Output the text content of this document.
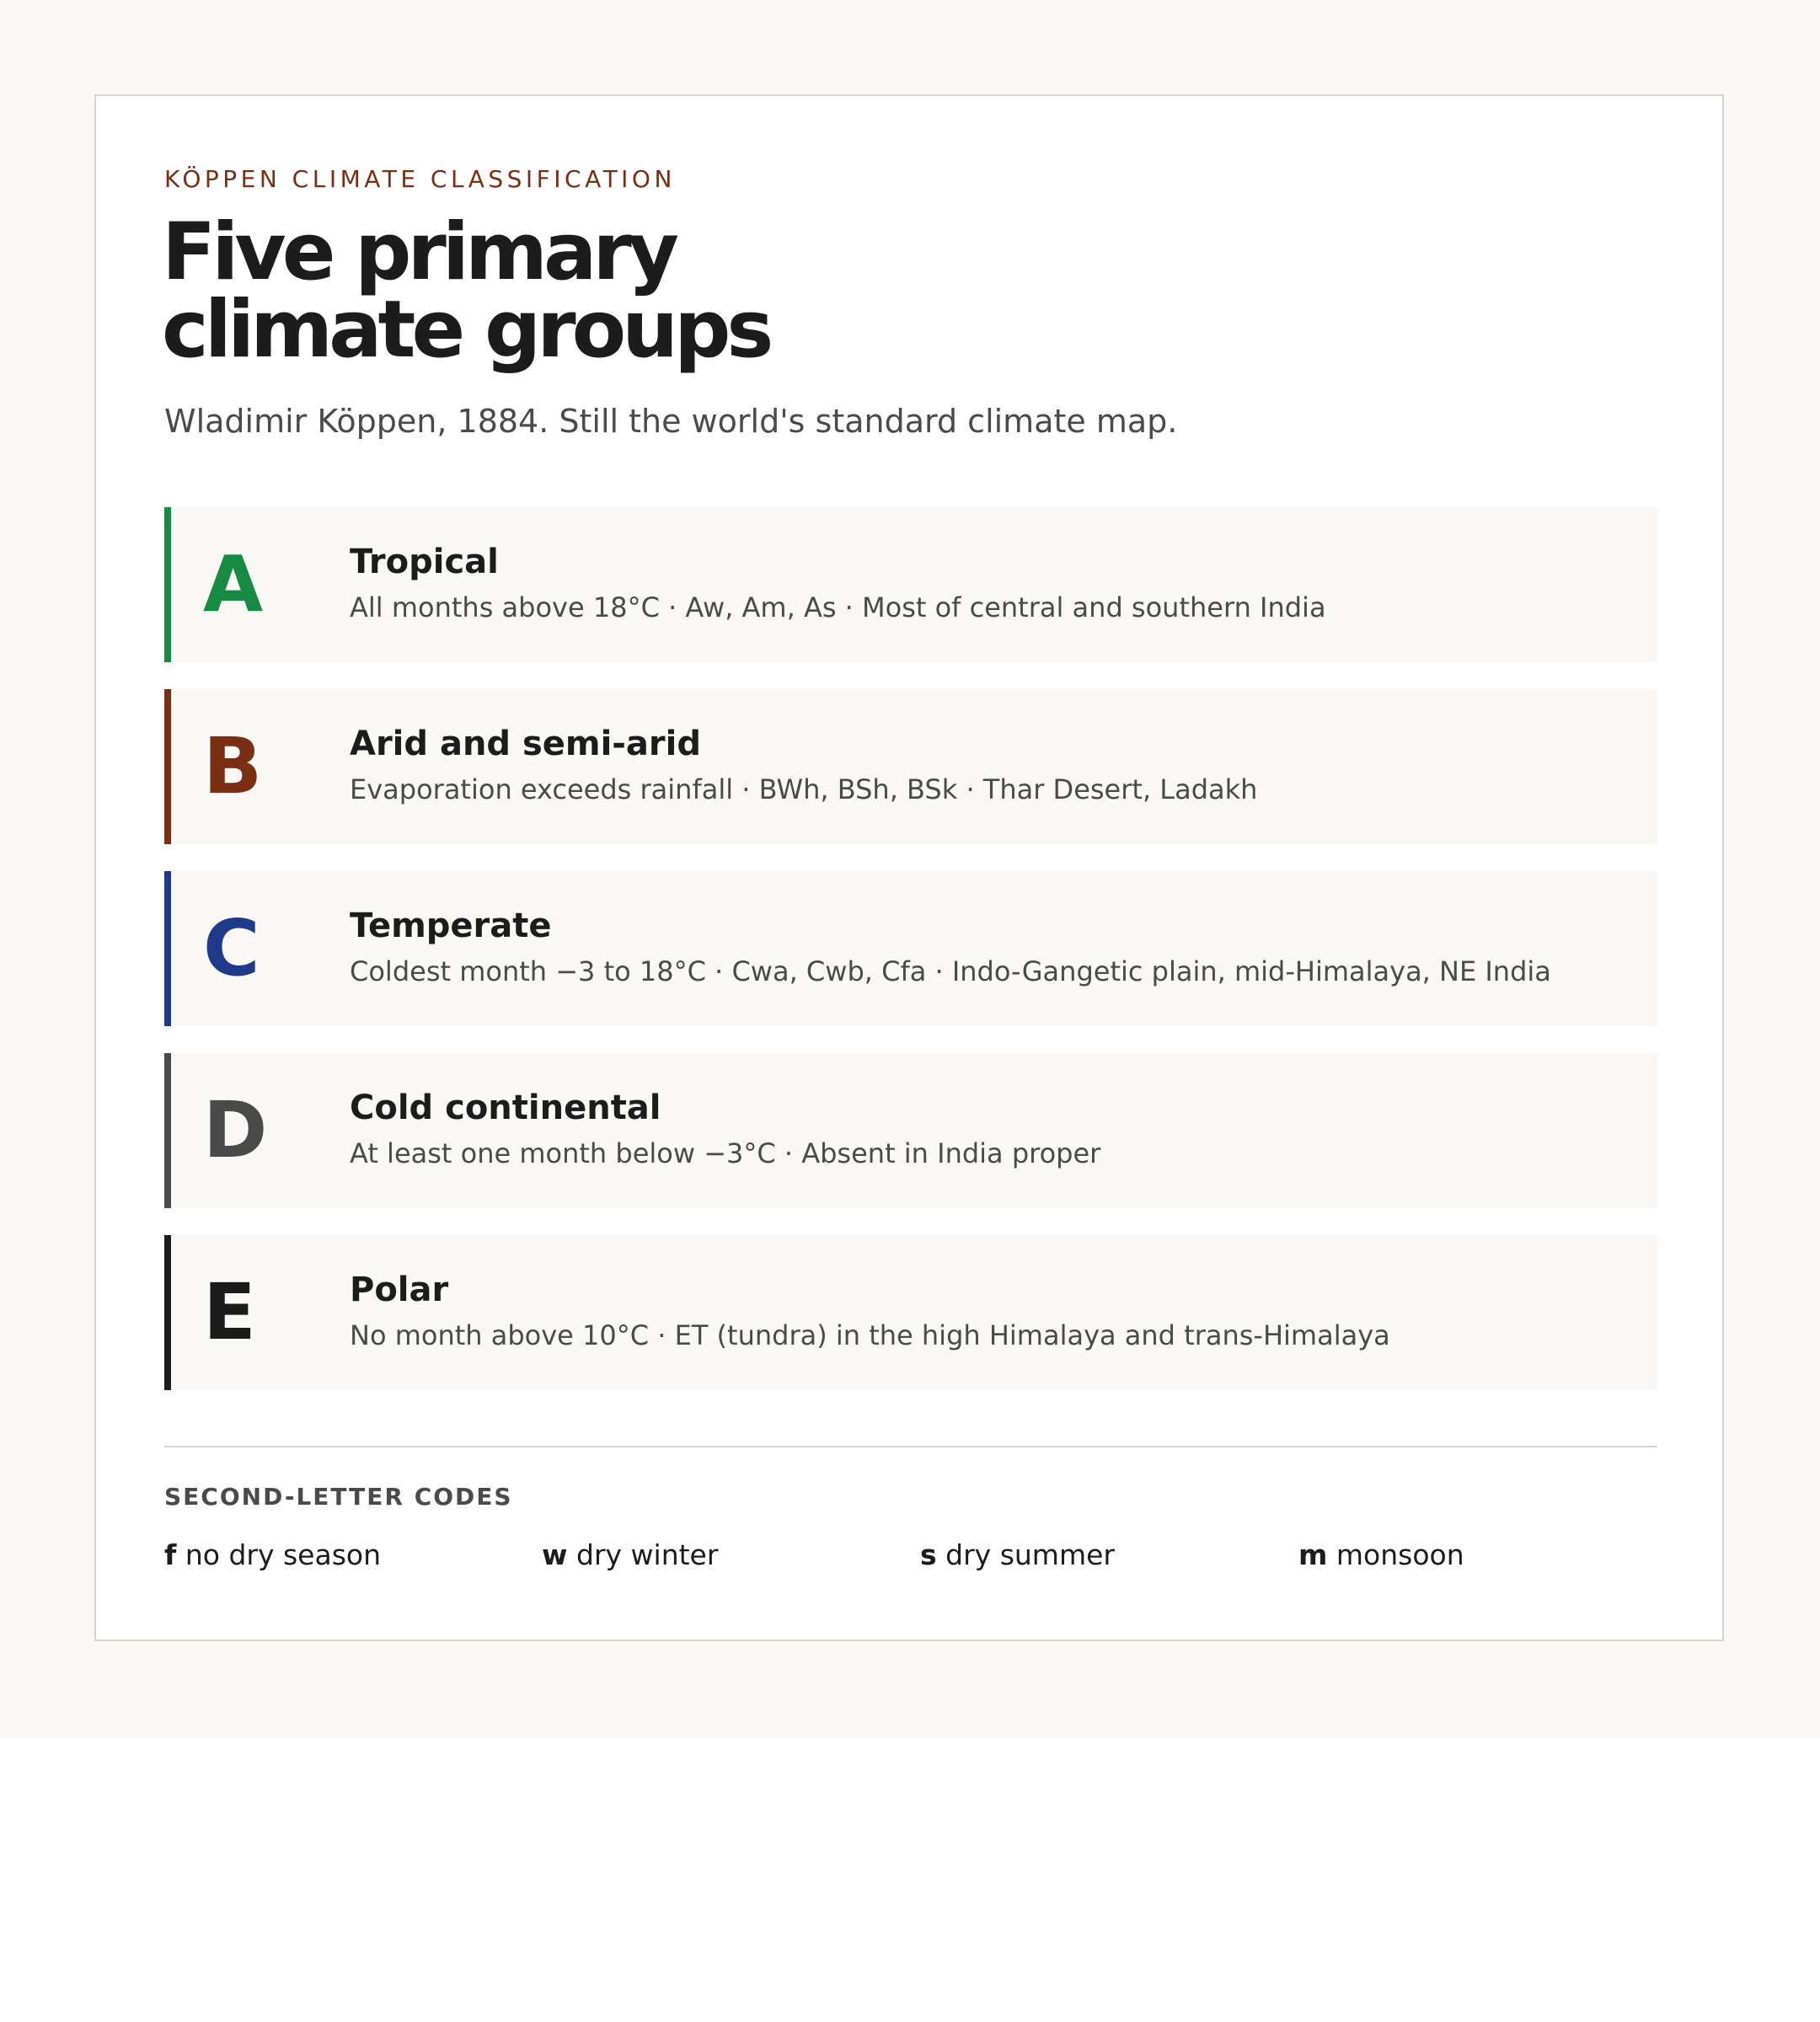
KÖPPEN CLIMATE CLASSIFICATION
Five primary
climate groups
Wladimir Köppen, 1884. Still the world's standard climate map.
A	Tropical
All months above 18°C · Aw, Am, As · Most of central and southern India
B	Arid and semi-arid
Evaporation exceeds rainfall · BWh, BSh, BSk · Thar Desert, Ladakh
C	Temperate
Coldest month −3 to 18°C · Cwa, Cwb, Cfa · Indo-Gangetic plain, mid-Himalaya, NE India
D Cold continental
At least one month below −3°C · Absent in India proper
E	Polar
No month above 10°C · ET (tundra) in the high Himalaya and trans-Himalaya
SECOND-LETTER CODES
f no dry season	w dry winter	s dry summer	m monsoon
